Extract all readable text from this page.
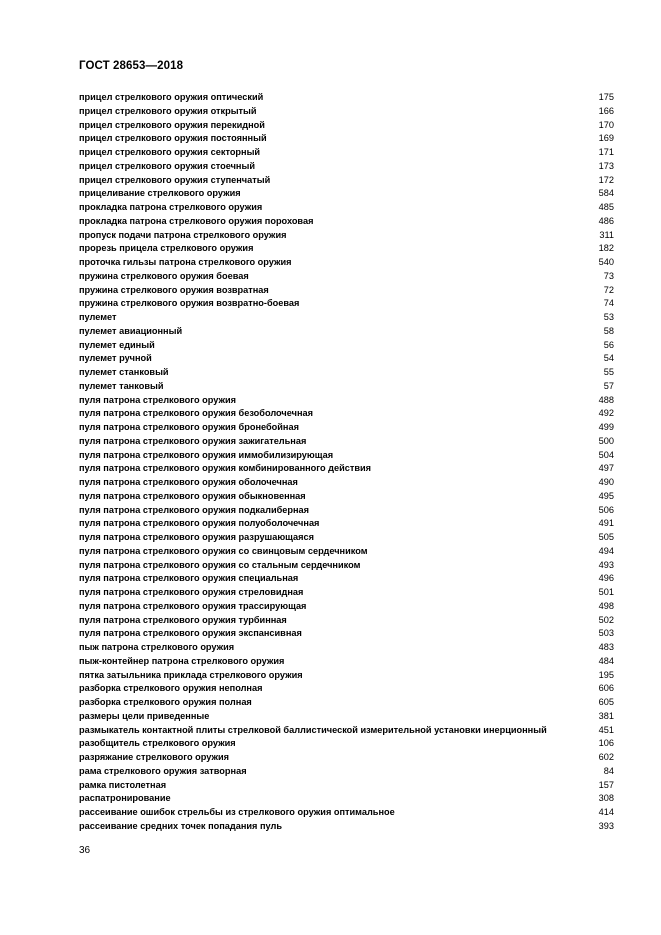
ГОСТ 28653—2018
прицел стрелкового оружия оптический	175
прицел стрелкового оружия открытый	166
прицел стрелкового оружия перекидной	170
прицел стрелкового оружия постоянный	169
прицел стрелкового оружия секторный	171
прицел стрелкового оружия стоечный	173
прицел стрелкового оружия ступенчатый	172
прицеливание стрелкового оружия	584
прокладка патрона стрелкового оружия	485
прокладка патрона стрелкового оружия пороховая	486
пропуск подачи патрона стрелкового оружия	311
прорезь прицела стрелкового оружия	182
проточка гильзы патрона стрелкового оружия	540
пружина стрелкового оружия боевая	73
пружина стрелкового оружия возвратная	72
пружина стрелкового оружия возвратно-боевая	74
пулемет	53
пулемет авиационный	58
пулемет единый	56
пулемет ручной	54
пулемет станковый	55
пулемет танковый	57
пуля патрона стрелкового оружия	488
пуля патрона стрелкового оружия безоболочечная	492
пуля патрона стрелкового оружия бронебойная	499
пуля патрона стрелкового оружия зажигательная	500
пуля патрона стрелкового оружия иммобилизирующая	504
пуля патрона стрелкового оружия комбинированного действия	497
пуля патрона стрелкового оружия оболочечная	490
пуля патрона стрелкового оружия обыкновенная	495
пуля патрона стрелкового оружия подкалиберная	506
пуля патрона стрелкового оружия полуоболочечная	491
пуля патрона стрелкового оружия разрушающаяся	505
пуля патрона стрелкового оружия со свинцовым сердечником	494
пуля патрона стрелкового оружия со стальным сердечником	493
пуля патрона стрелкового оружия специальная	496
пуля патрона стрелкового оружия стреловидная	501
пуля патрона стрелкового оружия трассирующая	498
пуля патрона стрелкового оружия турбинная	502
пуля патрона стрелкового оружия экспансивная	503
пыж патрона стрелкового оружия	483
пыж-контейнер патрона стрелкового оружия	484
пятка затыльника приклада стрелкового оружия	195
разборка стрелкового оружия неполная	606
разборка стрелкового оружия полная	605
размеры цели приведенные	381
размыкатель контактной плиты стрелковой баллистической измерительной установки инерционный	451
разобщитель стрелкового оружия	106
разряжание стрелкового оружия	602
рама стрелкового оружия затворная	84
рамка пистолетная	157
распатронирование	308
рассеивание ошибок стрельбы из стрелкового оружия оптимальное	414
рассеивание средних точек попадания пуль	393
36
